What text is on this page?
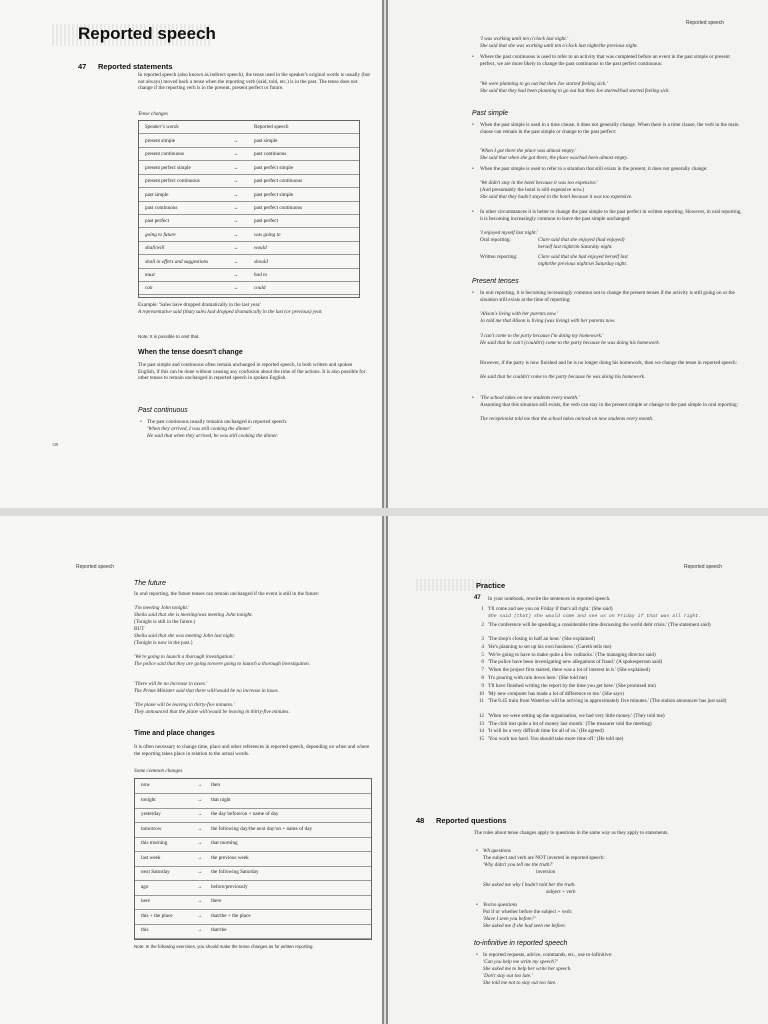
Reported speech
47 Reported statements
In reported speech (also known as indirect speech), the tense used in the speaker's original words is usually (but not always) moved back a tense when the reporting verb (said, told, etc.) is in the past. The tense does not change if the reporting verb is in the present, present perfect or future.
Tense changes
Speaker's words	Reported speech
present simple	→	past simple
present continuous	→	past continuous
present perfect simple	→	past perfect simple
present perfect continuous	→	past perfect continuous
past simple	→	past perfect simple
past continuous	→	past perfect continuous
past perfect	→	past perfect
going to future	→	was going to
shall/will	→	would
shall in offers and suggestions	→	should
must	→	had to
can	→	could
Example: 'Sales have dropped dramatically in the last year.'
A representative said (that) sales had dropped dramatically in the last (or previous) year.
Note: It is possible to omit that.
When the tense doesn't change
The past simple and continuous often remain unchanged in reported speech, in both written and spoken English, if this can be done without causing any confusion about the time of the actions. It is also possible for other tenses to remain unchanged in reported speech in spoken English.
Past continuous
• The past continuous usually remains unchanged in reported speech:
'When they arrived, I was still cooking the dinner.'
He said that when they arrived, he was still cooking the dinner.
138
Reported speech
'I was working until ten o'clock last night.'
She said that she was working until ten o'clock last night/the previous night.
• Where the past continuous is used to refer to an activity that was completed before an event in the past simple or present perfect, we are more likely to change the past continuous to the past perfect continuous:
'We were planning to go out but then Joe started feeling sick.'
She said that they had been planning to go out but then Joe started/had started feeling sick.
Past simple
• When the past simple is used in a time clause, it does not generally change. When there is a time clause, the verb in the main clause can remain in the past simple or change to the past perfect:
'When I got there the place was almost empty.'
She said that when she got there, the place was/had been almost empty.
• When the past simple is used to refer to a situation that still exists in the present, it does not generally change:
'We didn't stay in the hotel because it was too expensive.'
(And presumably the hotel is still expensive now.)
She said that they hadn't stayed in the hotel because it was too expensive.
• In other circumstances it is better to change the past simple to the past perfect in written reporting. However, in oral reporting, it is becoming increasingly common to leave the past simple unchanged:
'I enjoyed myself last night.'
Oral reporting:	Clare said that she enjoyed (had enjoyed)
herself last night/on Saturday night.
Written reporting:	Clare said that she had enjoyed herself last
night/the previous night/on Saturday night.
Present tenses
• In oral reporting, it is becoming increasingly common not to change the present tenses if the activity is still going on or the situation still exists at the time of reporting:
'Alison's living with her parents now.'
Jo told me that Alison is living (was living) with her parents now.
'I can't come to the party because I'm doing my homework.'
He said that he can't (couldn't) come to the party because he was doing his homework.
However, if the party is now finished and he is no longer doing his homework, then we change the tense in reported speech:
He said that he couldn't come to the party because he was doing his homework.
• 'The school takes on new students every month.'
Assuming that this situation still exists, the verb can stay in the present simple or change to the past simple in oral reporting:
The receptionist told me that the school takes on/took on new students every month.
Reported speech
The future
In oral reporting, the future tenses can remain unchanged if the event is still in the future:
'I'm meeting John tonight.'
Sheila said that she is meeting/was meeting John tonight.
(Tonight is still in the future.)
BUT
Sheila said that she was meeting John last night.
(Tonight is now in the past.)
'We're going to launch a thorough investigation.'
The police said that they are going to/were going to launch a thorough investigation.
'There will be no increase in taxes.'
The Prime Minister said that there will/would be no increase in taxes.
'The plane will be leaving in thirty-five minutes.'
They announced that the plane will/would be leaving in thirty-five minutes.
Time and place changes
It is often necessary to change time, place and other references in reported speech, depending on when and where the reporting takes place in relation to the actual words.
Some common changes
now	→ then
tonight	→ that night
yesterday	→ the day before/on + name of day
tomorrow	→ the following day/the next day/on + name of day
this morning	→ that morning
last week	→ the previous week
next Saturday	→ the following Saturday
ago	→ before/previously
here	→ there
this + the place	→ that/the + the place
this	→ that/the
Note: In the following exercises, you should make the tense changes as for written reporting.
Reported speech
Practice
47 In your notebook, rewrite the sentences in reported speech.
1 'I'll come and see you on Friday if that's all right.' (She said)
She said (that) she would come and see us on Friday if that was all right.
2 'The conference will be spending a considerable time discussing the world debt crisis.' (The statement said)
3 'The shop's closing in half an hour.' (She explained)
4 'He's planning to set up his own business.' (Gareth tells me)
5 'We're going to have to make quite a few cutbacks.' (The managing director said)
6 'The police have been investigating new allegations of fraud.' (A spokesperson said)
7 'When the project first started, there was a lot of interest in it.' (She explained)
8 'It's pouring with rain down here.' (She told me)
9 'I'll have finished writing the report by the time you get here.' (She promised me)
10 'My new computer has made a lot of difference to me.' (She says)
11 'The 8.45 train from Waterloo will be arriving in approximately five minutes.' (The station announcer has just said)
12 'When we were setting up the organisation, we had very little money.' (They told me)
13 'The club lost quite a lot of money last month.' (The treasurer told the meeting)
14 'It will be a very difficult time for all of us.' (He agreed)
15 'You work too hard. You should take more time off.' (He told me)
48 Reported questions
The rules about tense changes apply to questions in the same way as they apply to statements.
• Wh questions
The subject and verb are NOT inverted in reported speech:
'Why didn't you tell me the truth?'
inversion
She asked me why I hadn't told her the truth.
subject + verb
• Yes/no questions
Put if or whether before the subject + verb:
'Have I seen you before?'
She asked me if she had seen me before.
to-infinitive in reported speech
• In reported requests, advice, commands, etc., use to-infinitive:
'Can you help me write my speech?'
She asked me to help her write her speech.
'Don't stay out too late.'
She told me not to stay out too late.
